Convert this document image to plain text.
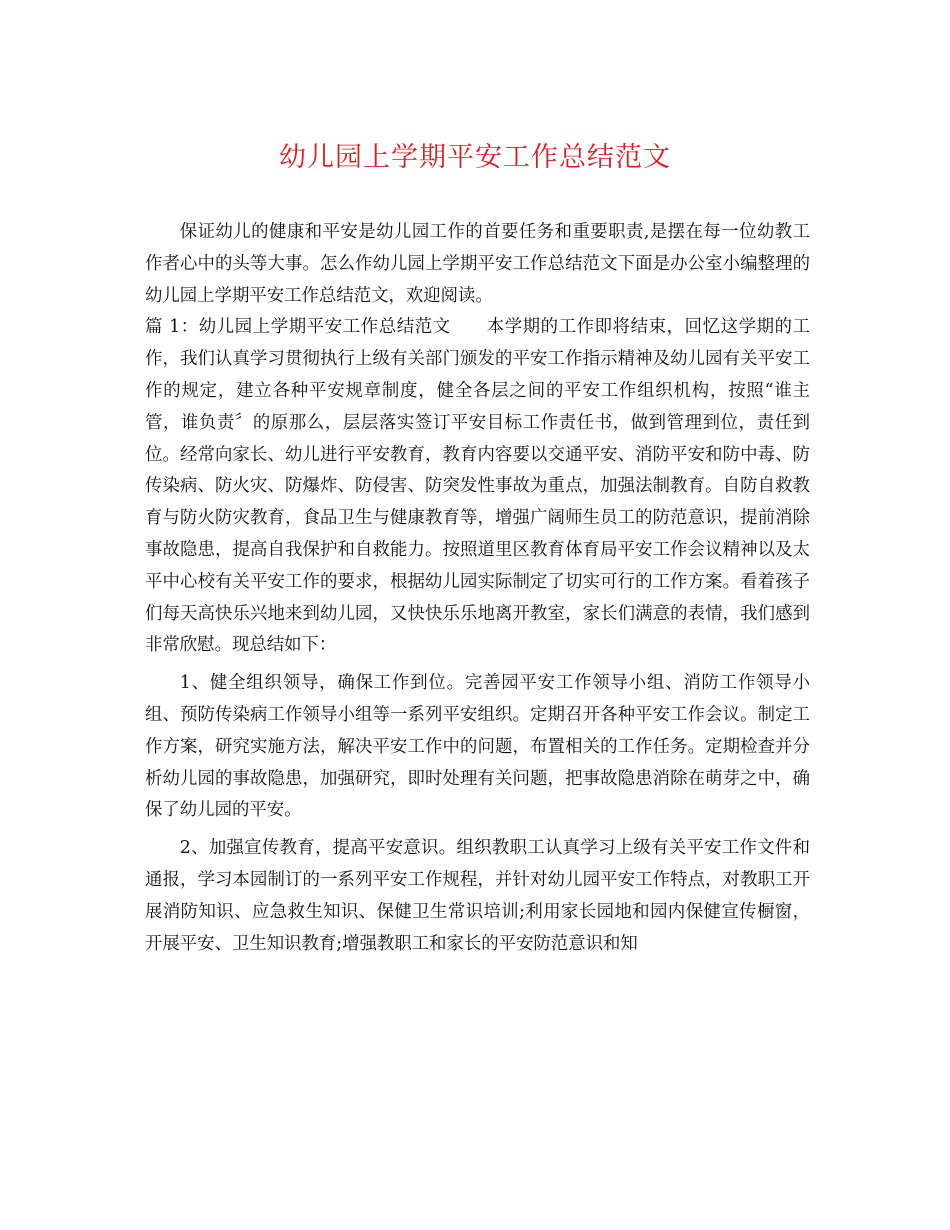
幼儿园上学期平安工作总结范文

保证幼儿的健康和平安是幼儿园工作的首要任务和重要职责,是摆在每一位幼教工作者心中的头等大事。怎么作幼儿园上学期平安工作总结范文下面是办公室小编整理的幼儿园上学期平安工作总结范文，欢迎阅读。

篇 1：幼儿园上学期平安工作总结范文　　本学期的工作即将结束，回忆这学期的工作，我们认真学习贯彻执行上级有关部门颁发的平安工作指示精神及幼儿园有关平安工作的规定，建立各种平安规章制度，健全各层之间的平安工作组织机构，按照“谁主管，谁负责〞的原那么，层层落实签订平安目标工作责任书，做到管理到位，责任到位。经常向家长、幼儿进行平安教育，教育内容要以交通平安、消防平安和防中毒、防传染病、防火灾、防爆炸、防侵害、防突发性事故为重点，加强法制教育。自防自救教育与防火防灾教育，食品卫生与健康教育等，增强广阔师生员工的防范意识，提前消除事故隐患，提高自我保护和自救能力。按照道里区教育体育局平安工作会议精神以及太平中心校有关平安工作的要求，根据幼儿园实际制定了切实可行的工作方案。看着孩子们每天高快乐兴地来到幼儿园，又快快乐乐地离开教室，家长们满意的表情，我们感到非常欣慰。现总结如下：

1、健全组织领导，确保工作到位。完善园平安工作领导小组、消防工作领导小组、预防传染病工作领导小组等一系列平安组织。定期召开各种平安工作会议。制定工作方案，研究实施方法，解决平安工作中的问题，布置相关的工作任务。定期检查并分析幼儿园的事故隐患，加强研究，即时处理有关问题，把事故隐患消除在萌芽之中，确保了幼儿园的平安。

2、加强宣传教育，提高平安意识。组织教职工认真学习上级有关平安工作文件和通报，学习本园制订的一系列平安工作规程，并针对幼儿园平安工作特点，对教职工开展消防知识、应急救生知识、保健卫生常识培训;利用家长园地和园内保健宣传橱窗，开展平安、卫生知识教育;增强教职工和家长的平安防范意识和知
